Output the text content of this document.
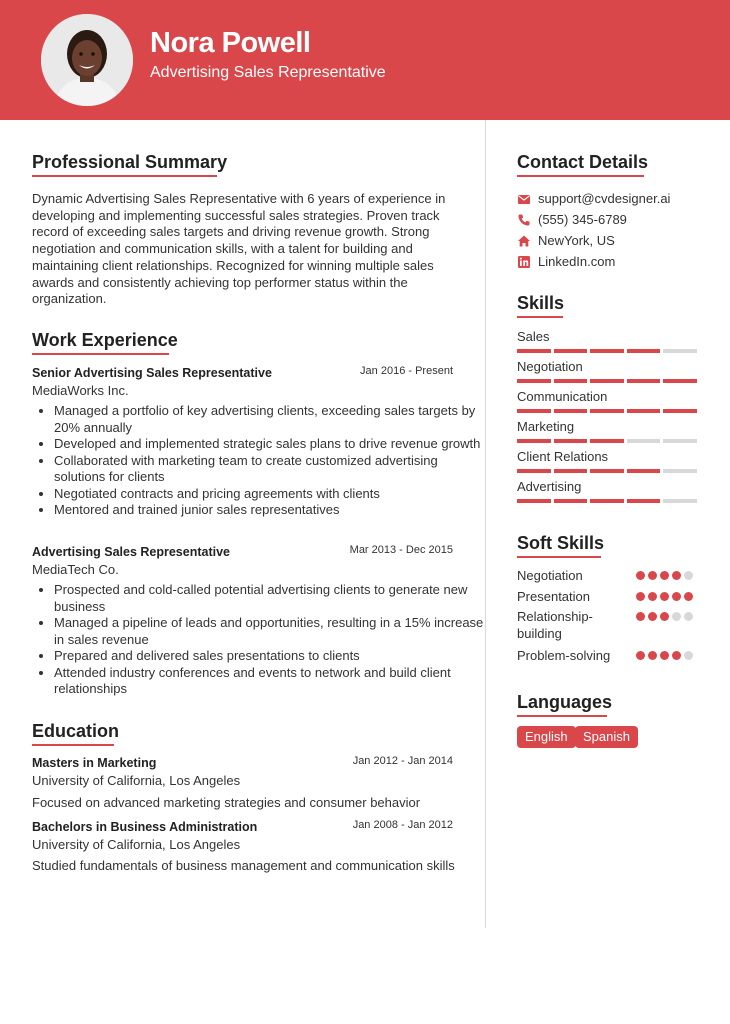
Nora Powell
Advertising Sales Representative
Professional Summary
Dynamic Advertising Sales Representative with 6 years of experience in
developing and implementing successful sales strategies. Proven track
record of exceeding sales targets and driving revenue growth. Strong
negotiation and communication skills, with a talent for building and
maintaining client relationships. Recognized for winning multiple sales
awards and consistently achieving top performer status within the
organization.
Work Experience
Senior Advertising Sales Representative	Jan 2016 - Present
MediaWorks Inc.
• Managed a portfolio of key advertising clients, exceeding sales targets by 20% annually
• Developed and implemented strategic sales plans to drive revenue growth
• Collaborated with marketing team to create customized advertising solutions for clients
• Negotiated contracts and pricing agreements with clients
• Mentored and trained junior sales representatives
Advertising Sales Representative	Mar 2013 - Dec 2015
MediaTech Co.
• Prospected and cold-called potential advertising clients to generate new business
• Managed a pipeline of leads and opportunities, resulting in a 15% increase in sales revenue
• Prepared and delivered sales presentations to clients
• Attended industry conferences and events to network and build client relationships
Education
Masters in Marketing	Jan 2012 - Jan 2014
University of California, Los Angeles
Focused on advanced marketing strategies and consumer behavior
Bachelors in Business Administration	Jan 2008 - Jan 2012
University of California, Los Angeles
Studied fundamentals of business management and communication skills
Contact Details
support@cvdesigner.ai
(555) 345-6789
NewYork, US
LinkedIn.com
Skills
Sales
Negotiation
Communication
Marketing
Client Relations
Advertising
Soft Skills
Negotiation
Presentation
Relationship-building
Problem-solving
Languages
English	Spanish
